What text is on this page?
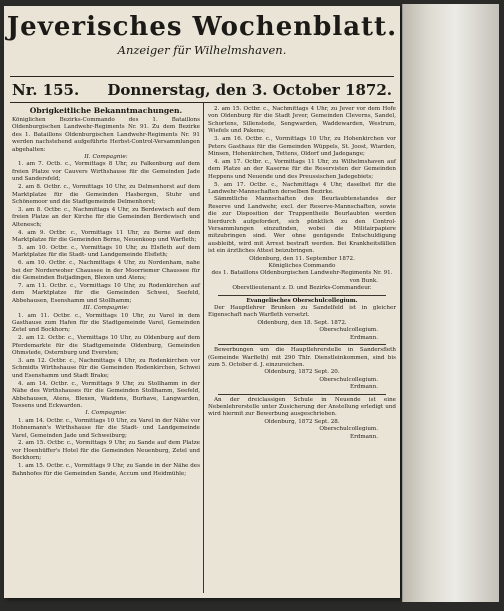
Jeverisches Wochenblatt.
Anzeiger für Wilhelmshaven.
Nr. 155. Donnerstag, den 3. October 1872.
Obrigkeitliche Bekanntmachungen.

Königlichen Bezirks-Commando des 1. Bataillons Oldenburgischen Landwehr-Regiments Nr. 91. Zu dem Bezirke des 1. Bataillons Oldenburgischen Landwehr-Regiments Nr. 91 werden nachstehend aufgeführte Herbst-Control-Versammlungen abgehalten:

II. Compagnie:

1. am 7. Octb. c., Vormittags 8 Uhr, zu Falkenburg auf dem freien Platze vor Cauvers Wirthshause für die Gemeinden Jade und Sandersfeld;

2. am 8. Octbr. c., Vormittags 10 Uhr, zu Delmenhorst auf dem Marktplatze für die Gemeinden Hasbergen, Stuhr und Schönemoor und die Stadtgemeinde Delmenhorst;

3. am 8. Octbr. c., Nachmittags 4 Uhr, zu Berdewisch auf dem freien Platze an der Kirche für die Gemeinden Berdewisch und Altenesch;

4. am 9. Octbr. c., Vormittags 11 Uhr, zu Berne auf dem Marktplatze für die Gemeinden Berne, Neuenkoop und Warfleth;

5. am 10. Octbr. c., Vormittags 10 Uhr, zu Elsfleth auf dem Marktplatze für die Stadt- und Landgemeinde Elsfleth;

6. am 10. Octbr. c., Nachmittags 4 Uhr, zu Nordenham, nahe bei der Norderwoher Chaussee in der Moorriemer Chaussee für die Gemeinden Butjadingen, Blexen und Atens;

7. am 11. Octbr. c., Vormittags 10 Uhr, zu Rodenkirchen auf dem Marktplatze für die Gemeinden Schwei, Seefeld, Abbehausen, Esenshamm und Stollhamm;

III. Compagnie:

1. am 11. Octbr. c., Vormittags 10 Uhr, zu Varel in dem Gasthause zum Hafen für die Stadtgemeinde Varel, Gemeinden Zetel und Bockhorn;

2. am 12. Octbr. c., Vormittags 10 Uhr, zu Oldenburg auf dem Pferdemarkte für die Stadtgemeinde Oldenburg, Gemeinden Ohmstede, Osternburg und Eversten;

3. am 12. Octbr. c., Nachmittags 4 Uhr, zu Rodenkirchen vor Schmidts Wirthshause für die Gemeinden Rodenkirchen, Schwei und Esenshamm und Stadt Brake;

4. am 14. Octbr. c., Vormittags 9 Uhr, zu Stollhamm in der Nähe des Wirthshauses für die Gemeinden Stollhamm, Seefeld, Abbehausen, Atens, Blexen, Waddens, Burhave, Langwarden, Tossens und Eckwarden.

I. Compagnie:

1. am 14. Octbr. c., Vormittags 10 Uhr, zu Varel in der Nähe vor Hohnemann's Wirthshause für die Stadt- und Landgemeinde Varel, Gemeinden Jade und Schweiburg;

2. am 15. Octbr. c., Vormittags 9 Uhr, zu Sande auf dem Platze vor Hoenhüffer's Hotel für die Gemeinden Neuenburg, Zetel und Bockhorn;

1. am 15. Octbr. c., Vormittags 9 Uhr, zu Sande in der Nähe des Bahnhofes für die Gemeinden Sande, Accum und Heidmühle;

2. am 15. Octbr. c., Nachmittags 4 Uhr, zu Jever vor dem Hofe von Oldenburg für die Stadt Jever, Gemeinden Cleverns, Sandel, Schortens, Sillenstede, Sengwarden, Waddewarden, Westrum, Wiefels und Pakens;

3. am 16. Octbr. c., Vormittags 10 Uhr, zu Hohenkirchen vor Peters Gasthaus für die Gemeinden Wüppels, St. Joost, Wiarden, Minsen, Hohenkirchen, Tettens, Oldorf und Jadegange;

4. am 17. Octbr. c., Vormittags 11 Uhr, zu Wilhelmshaven auf dem Platze an der Kaserne für die Reservisten der Gemeinden Heppens und Neuende und des Preussischen Jadegebiets;

5. am 17. Octbr. c., Nachmittags 4 Uhr, daselbst für die Landwehr-Mannschaften derselben Bezirke.

Sämmtliche Mannschaften des Beurlaubtenstandes der Reserve und Landwehr, excl. der Reserve-Mannschaften, sowie die zur Disposition der Truppentheile Beurlaubten werden hierdurch aufgefordert, sich pünktlich zu den Control-Versammlungen einzufinden, wobei die Militairpapiere mitzubringen sind. Wer ohne genügende Entschuldigung ausbleibt, wird mit Arrest bestraft werden. Bei Krankheitsfällen ist ein ärztliches Attest beizubringen.

Oldenburg, den 11. September 1872.
Königliches Commando
des 1. Bataillons Oldenburgischen Landwehr-Regiments Nr. 91.
von Bunk.
Oberstlieutenant z. D. und Bezirks-Commandeur.
Evangelisches Oberschulcollegium.

Der Hauptlehrer Brunken zu Sandelfeld ist in gleicher Eigenschaft nach Warfleth versetzt.

Oldenburg, den 18. Sept. 1872.
Oberschulcollegium.
Erdmann.

Bewerbungen um die Hauptlehrerstelle in Sandersfleth (Gemeinde Warfleth) mit 290 Thlr. Dienstleinkommen, sind bis zum 5. October d. J. einzureichen.

Oldenburg, 1872 Sept. 20.
Oberschulcollegium.
Erdmann.

An der dreiclassigen Schule in Neuende ist eine Nebenlehrerstelle unter Zusicherung der Anstellung erledigt und wird hiermit zur Bewerbung ausgeschrieben.

Oldenburg, 1872 Sept. 28.
Oberschulcollegium.
Erdmann.
